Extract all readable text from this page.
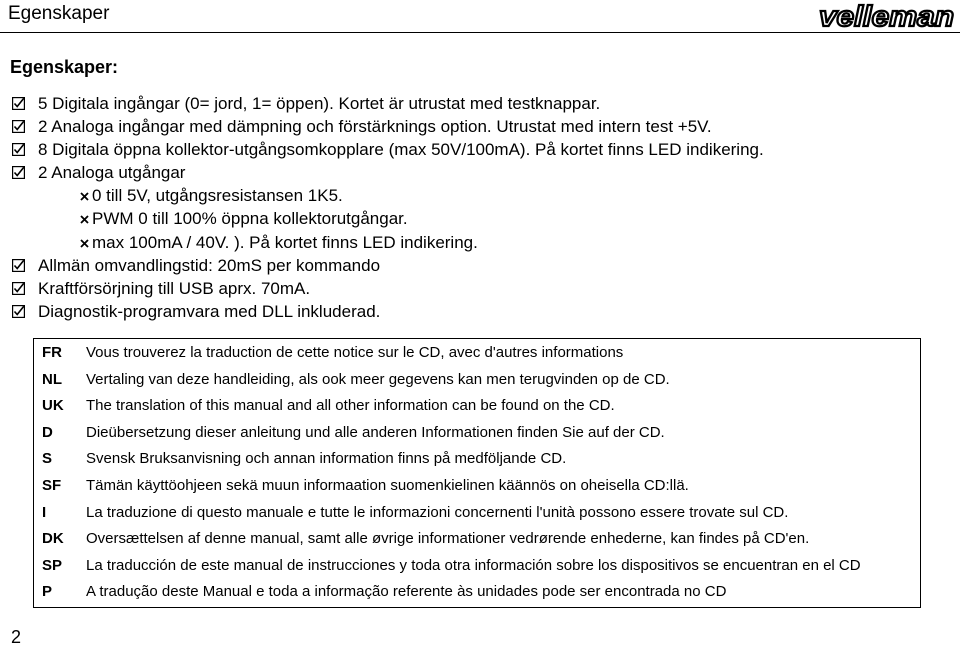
Egenskaper	velleman
Egenskaper:
5 Digitala ingångar (0= jord, 1= öppen). Kortet är utrustat med testknappar.
2 Analoga ingångar med dämpning och förstärknings option. Utrustat med intern test +5V.
8 Digitala öppna kollektor-utgångsomkopplare (max 50V/100mA). På kortet finns LED indikering.
2 Analoga utgångar
0 till 5V, utgångsresistansen 1K5.
PWM 0 till 100% öppna kollektorutgångar.
max 100mA / 40V. ). På kortet finns LED indikering.
Allmän omvandlingstid: 20mS per kommando
Kraftförsörjning till USB aprx. 70mA.
Diagnostik-programvara med DLL inkluderad.
FR Vous trouverez la traduction de cette notice sur le CD, avec d'autres informations
NL Vertaling van deze handleiding, als ook meer gegevens kan men terugvinden op de CD.
UK The translation of this manual and all other information can be found on the CD.
D Dieübersetzung dieser anleitung und alle anderen Informationen finden Sie auf der CD.
S Svensk Bruksanvisning och annan information finns på medföljande CD.
SF Tämän käyttöohjeen sekä muun informaation suomenkielinen käännös on oheisella CD:llä.
I	La traduzione di questo manuale e tutte le informazioni concernenti l'unità possono essere trovate sul CD.
DK Oversættelsen af denne manual, samt alle øvrige informationer vedrørende enhederne, kan findes på CD'en.
SP La traducción de este manual de instrucciones y toda otra información sobre los dispositivos se encuentran en el CD
P A tradução deste Manual e toda a informação referente às unidades pode ser encontrada no CD
2
